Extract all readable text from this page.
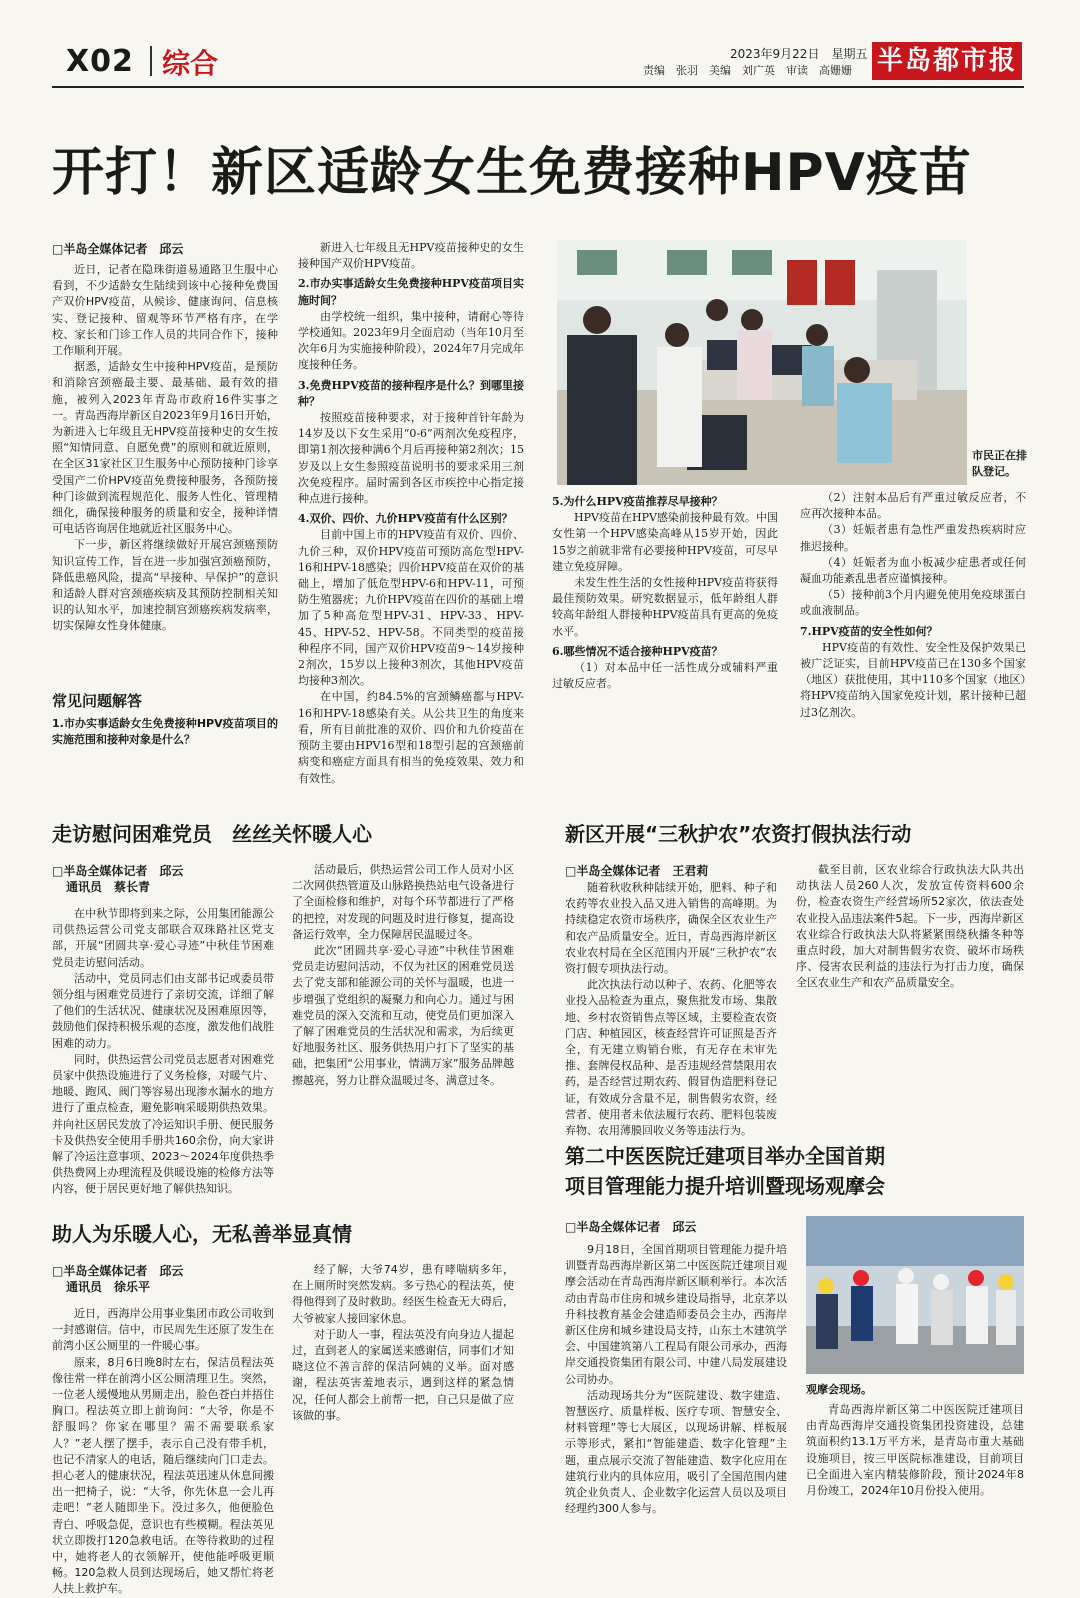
X02 综合	2023年9月22日　星期五
责编　张羽　美编　刘广英　审读　高姗姗 半岛都市报
开打！新区适龄女生免费接种HPV疫苗
□半岛全媒体记者　邱云

近日，记者在隐珠街道易通路卫生服中心看到，不少适龄女生陆续到该中心接种免费国产双价HPV疫苗，从候诊、健康询问、信息核实、登记接种、留观等环节严格有序，在学校、家长和门诊工作人员的共同合作下，接种工作顺利开展。

据悉，适龄女生中接种HPV疫苗，是预防和消除宫颈癌最主要、最基础、最有效的措施，被列入2023年青岛市政府16件实事之一。青岛西海岸新区自2023年9月16日开始，为新进入七年级且无HPV疫苗接种史的女生按照“知情同意、自愿免费”的原则和就近原则，在全区31家社区卫生服务中心预防接种门诊享受国产二价HPV疫苗免费接种服务，各预防接种门诊做到流程规范化、服务人性化、管理精细化，确保接种服务的质量和安全，接种详情可电话咨询居住地就近社区服务中心。

下一步，新区将继续做好开展宫颈癌预防知识宣传工作，旨在进一步加强宫颈癌预防，降低患癌风险，提高“早接种、早保护”的意识和适龄人群对宫颈癌疾病及其预防控制相关知识的认知水平，加速控制宫颈癌疾病发病率，切实保障女性身体健康。

常见问题解答
1.市办实事适龄女生免费接种HPV疫苗项目的实施范围和接种对象是什么？

新进入七年级且无HPV疫苗接种史的女生接种国产双价HPV疫苗。

2.市办实事适龄女生免费接种HPV疫苗项目实施时间？

由学校统一组织，集中接种，请耐心等待学校通知。2023年9月全面启动（当年10月至次年6月为实施接种阶段），2024年7月完成年度接种任务。

3.免费HPV疫苗的接种程序是什么？到哪里接种？

按照疫苗接种要求，对于接种首针年龄为14岁及以下女生采用“0-6”两剂次免疫程序，即第1剂次接种满6个月后再接种第2剂次；15岁及以上女生参照疫苗说明书的要求采用三剂次免疫程序。届时需到各区市疾控中心指定接种点进行接种。

4.双价、四价、九价HPV疫苗有什么区别？

目前中国上市的HPV疫苗有双价、四价、九价三种，双价HPV疫苗可预防高危型HPV-16和HPV-18感染；四价HPV疫苗在双价的基础上，增加了低危型HPV-6和HPV-11，可预防生殖器疣；九价HPV疫苗在四价的基础上增加了5种高危型HPV-31、HPV-33、HPV-45、HPV-52、HPV-58。不同类型的疫苗接种程序不同，国产双价HPV疫苗9～14岁接种2剂次，15岁以上接种3剂次，其他HPV疫苗均接种3剂次。

在中国，约84.5%的宫颈鳞癌都与HPV-16和HPV-18感染有关。从公共卫生的角度来看，所有目前批准的双价、四价和九价疫苗在预防主要由HPV16型和18型引起的宫颈癌前病变和癌症方面具有相当的免疫效果、效力和有效性。

市民正在排队登记。

5.为什么HPV疫苗推荐尽早接种？

HPV疫苗在HPV感染前接种最有效。中国女性第一个HPV感染高峰从15岁开始，因此15岁之前就非常有必要接种HPV疫苗，可尽早建立免疫屏障。

未发生性生活的女性接种HPV疫苗将获得最佳预防效果。研究数据显示，低年龄组人群较高年龄组人群接种HPV疫苗具有更高的免疫水平。

6.哪些情况不适合接种HPV疫苗？

（1）对本品中任一活性成分或辅料严重过敏反应者。

（2）注射本品后有严重过敏反应者，不应再次接种本品。

（3）妊娠者患有急性严重发热疾病时应推迟接种。

（4）妊娠者为血小板减少症患者或任何凝血功能紊乱患者应谨慎接种。

（5）接种前3个月内避免使用免疫球蛋白或血液制品。

7.HPV疫苗的安全性如何？

HPV疫苗的有效性、安全性及保护效果已被广泛证实，目前HPV疫苗已在130多个国家（地区）获批使用，其中110多个国家（地区）将HPV疫苗纳入国家免疫计划，累计接种已超过3亿剂次。

走访慰问困难党员　丝丝关怀暖人心
□半岛全媒体记者　邱云
通讯员　蔡长青

在中秋节即将到来之际，公用集团能源公司供热运营公司党支部联合双珠路社区党支部，开展“团圆共享·爱心寻迹”中秋佳节困难党员走访慰问活动。

活动中，党员同志们由支部书记或委员带领分组与困难党员进行了亲切交流，详细了解了他们的生活状况、健康状况及困难原因等，鼓励他们保持积极乐观的态度，激发他们战胜困难的动力。

同时，供热运营公司党员志愿者对困难党员家中供热设施进行了义务检修，对暖气片、地暖、跑风、阀门等容易出现渗水漏水的地方进行了重点检查，避免影响采暖期供热效果。并向社区居民发放了冷运知识手册、便民服务卡及供热安全使用手册共160余份，向大家讲解了冷运注意事项、2023～2024年度供热季供热费网上办理流程及供暖设施的检修方法等内容，便于居民更好地了解供热知识。

活动最后，供热运营公司工作人员对小区二次网供热管道及山脉路换热站电气设备进行了全面检修和维护，对每个环节都进行了严格的把控，对发现的问题及时进行修复，提高设备运行效率，全力保障居民温暖过冬。

此次“团圆共享·爱心寻迹”中秋佳节困难党员走访慰问活动，不仅为社区的困难党员送去了党支部和能源公司的关怀与温暖，也进一步增强了党组织的凝聚力和向心力。通过与困难党员的深入交流和互动，使党员们更加深入了解了困难党员的生活状况和需求，为后续更好地服务社区、服务供热用户打下了坚实的基础，把集团“公用事业，情满万家”服务品牌越擦越亮，努力让群众温暖过冬、满意过冬。

助人为乐暖人心，无私善举显真情
□半岛全媒体记者　邱云
通讯员　徐乐平

近日，西海岸公用事业集团市政公司收到一封感谢信。信中，市民周先生还原了发生在前湾小区公厕里的一件暖心事。

原来，8月6日晚8时左右，保洁员程法英像往常一样在前湾小区公厕清理卫生。突然，一位老人缓慢地从男厕走出，脸色苍白并捂住胸口。程法英立即上前询问：“大爷，你是不舒服吗？你家在哪里？需不需要联系家人？”老人摆了摆手，表示自己没有带手机，也记不清家人的电话，随后继续向门口走去。担心老人的健康状况，程法英迅速从休息间搬出一把椅子，说：“大爷，你先休息一会儿再走吧！”老人随即坐下。没过多久，他便脸色青白、呼吸急促，意识也有些模糊。程法英见状立即拨打120急救电话。在等待救助的过程中，她将老人的衣领解开，使他能呼吸更顺畅。120急救人员到达现场后，她又帮忙将老人扶上救护车。

经了解，大爷74岁，患有哮喘病多年，在上厕所时突然发病。多亏热心的程法英，使得他得到了及时救助。经医生检查无大碍后，大爷被家人接回家休息。

对于助人一事，程法英没有向身边人提起过，直到老人的家属送来感谢信，同事们才知晓这位不善言辞的保洁阿姨的义举。面对感谢，程法英害羞地表示，遇到这样的紧急情况，任何人都会上前帮一把，自己只是做了应该做的事。

新区开展“三秋护农”农资打假执法行动
□半岛全媒体记者　王君莉

随着秋收秋种陆续开始，肥料、种子和农药等农业投入品又进入销售的高峰期。为持续稳定农资市场秩序，确保全区农业生产和农产品质量安全。近日，青岛西海岸新区农业农村局在全区范围内开展“三秋护农”农资打假专项执法行动。

此次执法行动以种子、农药、化肥等农业投入品检查为重点，聚焦批发市场、集散地、乡村农资销售点等区域，主要检查农资门店、种植园区，核查经营许可证照是否齐全，有无建立购销台账，有无存在未审先推、套牌侵权品种、是否违规经营禁限用农药，是否经营过期农药、假冒伪造肥料登记证，有效成分含量不足，制售假劣农资，经营者、使用者未依法履行农药、肥料包装废弃物、农用薄膜回收义务等违法行为。

截至目前，区农业综合行政执法大队共出动执法人员260人次，发放宣传资料600余份，检查农资生产经营场所52家次，依法查处农业投入品违法案件5起。下一步，西海岸新区农业综合行政执法大队将紧紧围绕秋播冬种等重点时段，加大对制售假劣农资、破坏市场秩序、侵害农民利益的违法行为打击力度，确保全区农业生产和农产品质量安全。

第二中医医院迁建项目举办全国首期
项目管理能力提升培训暨现场观摩会
□半岛全媒体记者　邱云

9月18日，全国首期项目管理能力提升培训暨青岛西海岸新区第二中医医院迁建项目观摩会活动在青岛西海岸新区顺利举行。本次活动由青岛市住房和城乡建设局指导，北京茅以升科技教育基金会建造师委员会主办，西海岸新区住房和城乡建设局支持，山东土木建筑学会、中国建筑第八工程局有限公司承办，西海岸交通投资集团有限公司、中建八局发展建设公司协办。

活动现场共分为“医院建设、数字建造、智慧医疗、质量样板、医疗专项、智慧安全、材料管理”等七大展区，以现场讲解、样板展示等形式，紧扣“智能建造、数字化管理”主题，重点展示交流了智能建造、数字化应用在建筑行业内的具体应用，吸引了全国范围内建筑企业负责人、企业数字化运营人员以及项目经理约300人参与。

观摩会现场。

青岛西海岸新区第二中医医院迁建项目由青岛西海岸交通投资集团投资建设，总建筑面积约13.1万平方米，是青岛市重大基础设施项目，按三甲医院标准建设，目前项目已全面进入室内精装修阶段，预计2024年8月份竣工，2024年10月份投入使用。
